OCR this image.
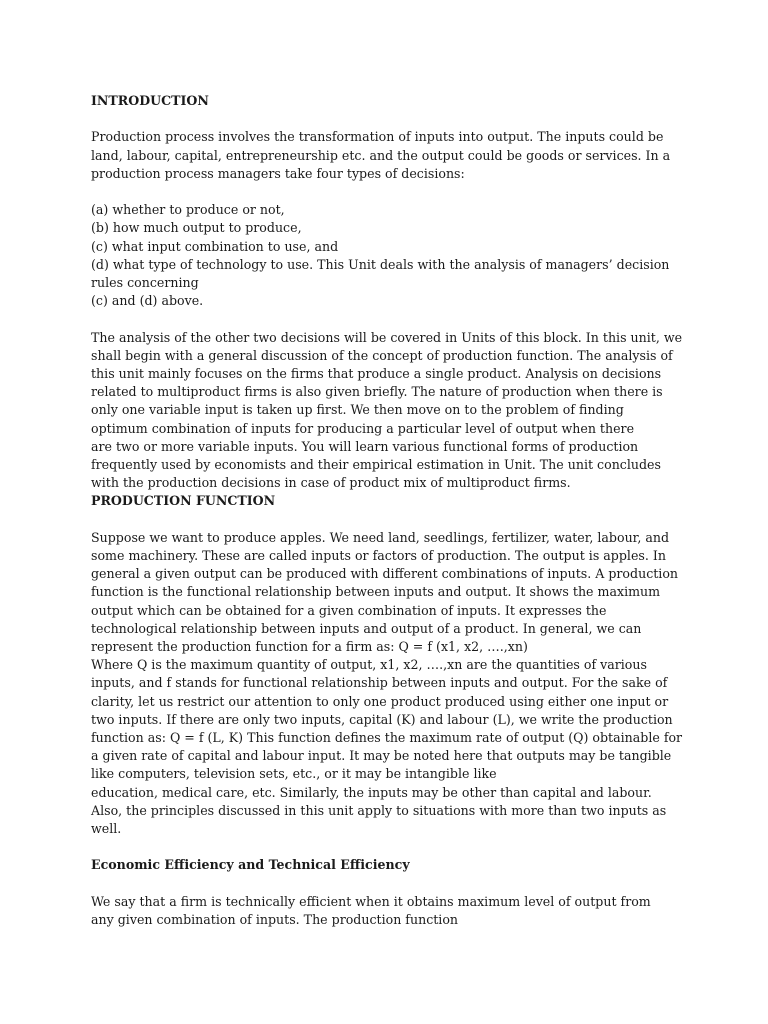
INTRODUCTION

Production process involves the transformation of inputs into output. The inputs could be
land, labour, capital, entrepreneurship etc. and the output could be goods or services. In a
production process managers take four types of decisions:

(a) whether to produce or not,
(b) how much output to produce,
(c) what input combination to use, and
(d) what type of technology to use. This Unit deals with the analysis of managers’ decision
rules concerning
(c) and (d) above.

The analysis of the other two decisions will be covered in Units of this block. In this unit, we
shall begin with a general discussion of the concept of production function. The analysis of
this unit mainly focuses on the firms that produce a single product. Analysis on decisions
related to multiproduct firms is also given briefly. The nature of production when there is
only one variable input is taken up first. We then move on to the problem of finding
optimum combination of inputs for producing a particular level of output when there
are two or more variable inputs. You will learn various functional forms of production
frequently used by economists and their empirical estimation in Unit. The unit concludes
with the production decisions in case of product mix of multiproduct firms.

PRODUCTION FUNCTION

Suppose we want to produce apples. We need land, seedlings, fertilizer, water, labour, and
some machinery. These are called inputs or factors of production. The output is apples. In
general a given output can be produced with different combinations of inputs. A production
function is the functional relationship between inputs and output. It shows the maximum
output which can be obtained for a given combination of inputs. It expresses the
technological relationship between inputs and output of a product. In general, we can
represent the production function for a firm as: Q = f (x1, x2, ….,xn)
Where Q is the maximum quantity of output, x1, x2, ….,xn are the quantities of various
inputs, and f stands for functional relationship between inputs and output. For the sake of
clarity, let us restrict our attention to only one product produced using either one input or
two inputs. If there are only two inputs, capital (K) and labour (L), we write the production
function as: Q = f (L, K) This function defines the maximum rate of output (Q) obtainable for
a given rate of capital and labour input. It may be noted here that outputs may be tangible
like computers, television sets, etc., or it may be intangible like
education, medical care, etc. Similarly, the inputs may be other than capital and labour.
Also, the principles discussed in this unit apply to situations with more than two inputs as
well.

Economic Efficiency and Technical Efficiency

We say that a firm is technically efficient when it obtains maximum level of output from
any given combination of inputs. The production function
